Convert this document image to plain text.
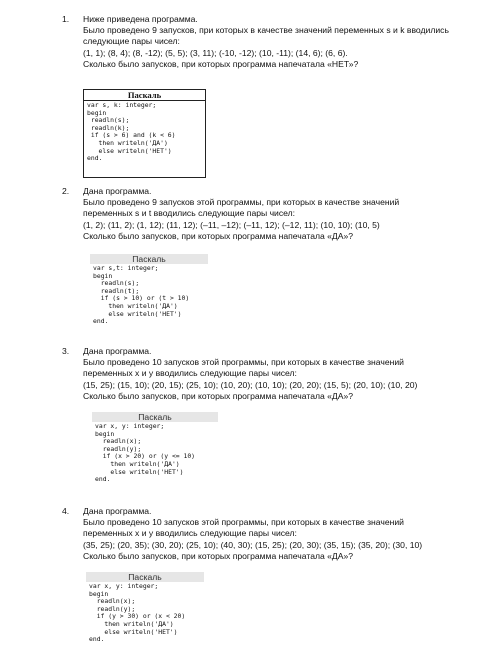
1. Ниже приведена программа.

Было проведено 9 запусков, при которых в качестве значений переменных s и k вводились

следующие пары чисел:

(1, 1); (8, 4); (8, -12); (5, 5); (3, 11); (-10, -12); (10, -11); (14, 6); (6, 6).

Сколько было запусков, при которых программа напечатала «НЕТ»?

Паскаль
var s, k: integer;
begin
readln(s);
readln(k);
if (s > 6) and (k < 6)
then writeln('ДА')
else writeln('НЕТ')
end.
2. Дана программа.

Было проведено 9 запусков этой программы, при которых в качестве значений

переменных s и t вводились следующие пары чисел:

(1, 2); (11, 2); (1, 12); (11, 12); (–11, –12); (–11, 12); (–12, 11); (10, 10); (10, 5)

Сколько было запусков, при которых программа напечатала «ДА»?

Паскаль
var s,t: integer;
begin
readln(s);
readln(t);
if (s > 10) or (t > 10)
then writeln('ДА')
else writeln('НЕТ')
end.
3. Дана программа.

Было проведено 10 запусков этой программы, при которых в качестве значений

переменных x и y вводились следующие пары чисел:

(15, 25); (15, 10); (20, 15); (25, 10); (10, 20); (10, 10); (20, 20); (15, 5); (20, 10); (10, 20)

Сколько было запусков, при которых программа напечатала «ДА»?

Паскаль
var x, y: integer;
begin
readln(x);
readln(y);
if (x > 20) or (y <= 10)
then writeln('ДА')
else writeln('НЕТ')
end.
4. Дана программа.

Было проведено 10 запусков этой программы, при которых в качестве значений

переменных x и y вводились следующие пары чисел:

(35, 25); (20, 35); (30, 20); (25, 10); (40, 30); (15, 25); (20, 30); (35, 15); (35, 20); (30, 10)

Сколько было запусков, при которых программа напечатала «ДА»?

Паскаль
var x, y: integer;
begin
readln(x);
readln(y);
if (y > 30) or (x < 20)
then writeln('ДА')
else writeln('НЕТ')
end.
